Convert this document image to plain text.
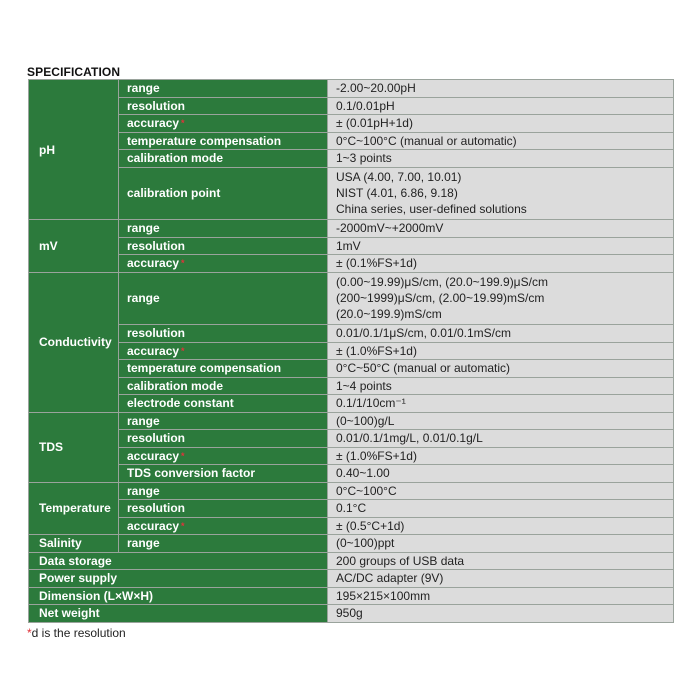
SPECIFICATION
pH	range	-2.00~20.00pH

	resolution	0.1/0.01pH

	accuracy *	± (0.01pH+1d)

	temperature compensation	0°C~100°C (manual or automatic)

	calibration mode	1~3 points

	calibration point	USA (4.00, 7.00, 10.01)
NIST (4.01, 6.86, 9.18)
China series, user-defined solutions

mV	range	-2000mV~+2000mV

	resolution	1mV

	accuracy *	± (0.1%FS+1d)

Conductivity	range	(0.00~19.99)μS/cm, (20.0~199.9)μS/cm
(200~1999)μS/cm, (2.00~19.99)mS/cm
(20.0~199.9)mS/cm

	resolution	0.01/0.1/1μS/cm, 0.01/0.1mS/cm

	accuracy *	± (1.0%FS+1d)

	temperature compensation	0°C~50°C (manual or automatic)

	calibration mode	1~4 points

	electrode constant	0.1/1/10cm⁻¹

TDS	range	(0~100)g/L

	resolution	0.01/0.1/1mg/L, 0.01/0.1g/L

	accuracy *	± (1.0%FS+1d)

	TDS conversion factor	0.40~1.00

Temperature	range	0°C~100°C

	resolution	0.1°C

	accuracy *	± (0.5°C+1d)

Salinity	range	(0~100)ppt

Data storage		200 groups of USB data
Power supply		AC/DC adapter (9V)
Dimension (L×W×H)		195×215×100mm
Net weight		950g
*d is the resolution
